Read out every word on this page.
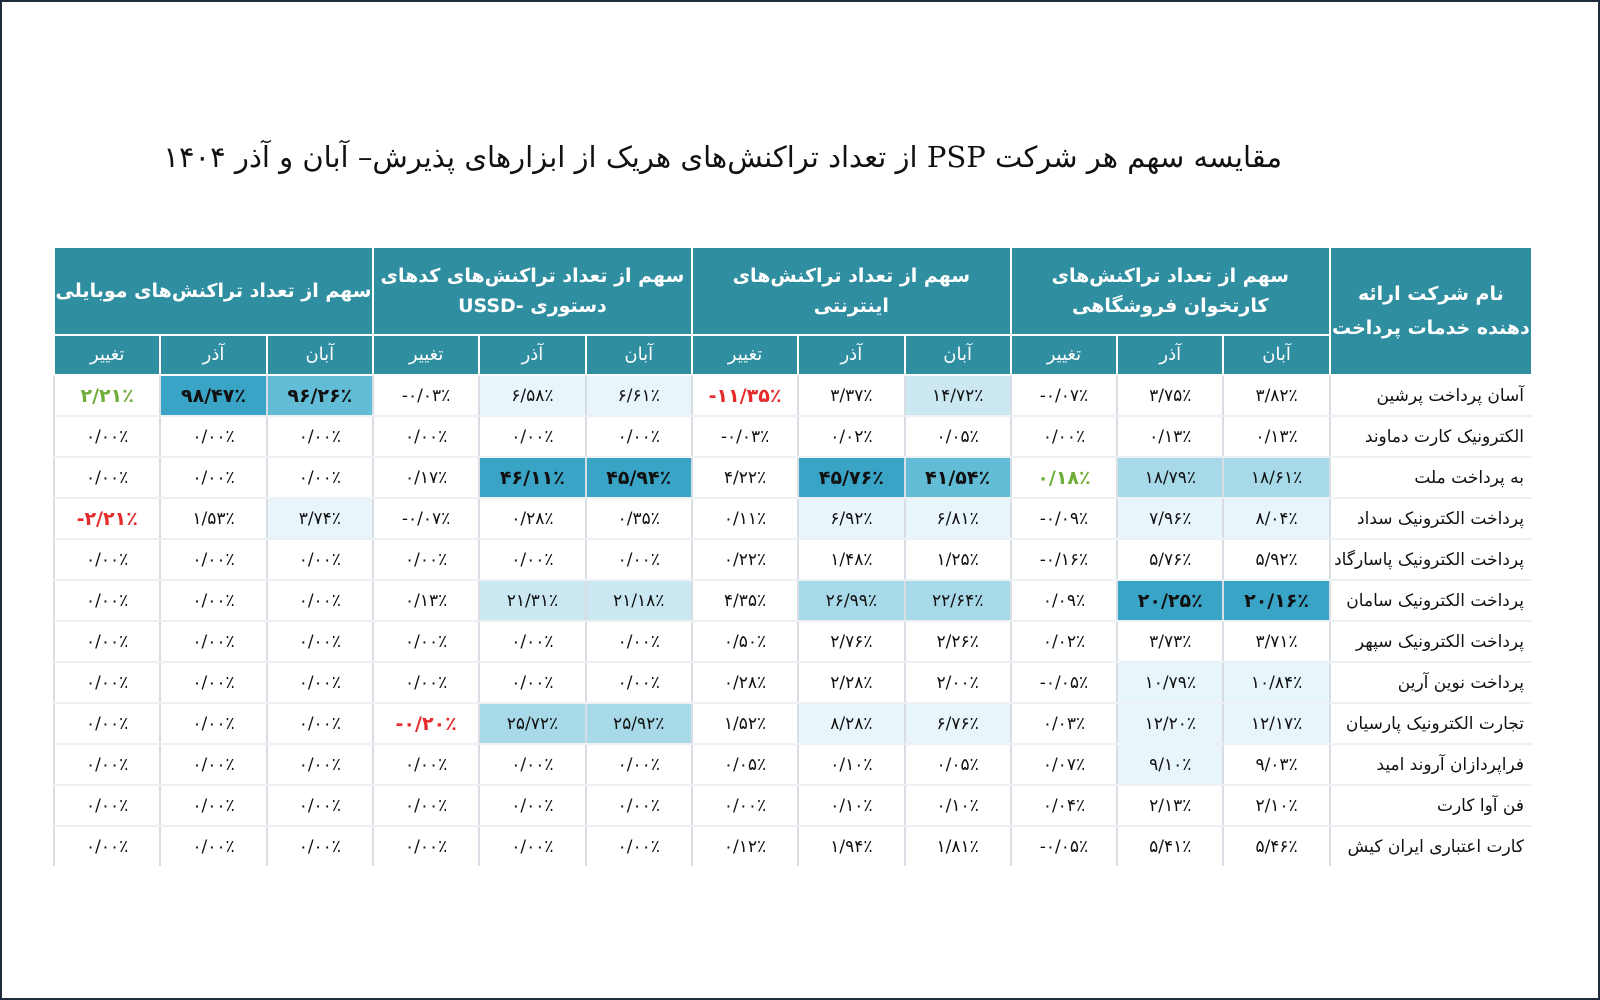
مقایسه سهم هر شرکت PSP از تعداد تراکنش‌های هریک از ابزارهای پذیرش– آبان و آذر ۱۴۰۴
نام شرکت ارائه دهنده خدمات پرداخت	سهم از تعداد تراکنش‌های کارتخوان فروشگاهی			سهم از تعداد تراکنش‌های اینترنتی			سهم از تعداد تراکنش‌های کدهای دستوری -USSD			سهم از تعداد تراکنش‌های موبایلی		
	آبان	آذر	تغییر	آبان	آذر	تغییر	آبان	آذر	تغییر	آبان	آذر	تغییر
آسان پرداخت پرشین	۳/۸۲٪	۳/۷۵٪	-۰/۰۷٪	۱۴/۷۲٪	۳/۳۷٪	-۱۱/۳۵٪	۶/۶۱٪	۶/۵۸٪	-۰/۰۳٪	۹۶/۲۶٪	۹۸/۴۷٪	۲/۲۱٪
الکترونیک کارت دماوند	۰/۱۳٪	۰/۱۳٪	۰/۰۰٪	۰/۰۵٪	۰/۰۲٪	-۰/۰۳٪	۰/۰۰٪	۰/۰۰٪	۰/۰۰٪	۰/۰۰٪	۰/۰۰٪	۰/۰۰٪
به پرداخت ملت	۱۸/۶۱٪	۱۸/۷۹٪	۰/۱۸٪	۴۱/۵۴٪	۴۵/۷۶٪	۴/۲۲٪	۴۵/۹۴٪	۴۶/۱۱٪	۰/۱۷٪	۰/۰۰٪	۰/۰۰٪	۰/۰۰٪
پرداخت الکترونیک سداد	۸/۰۴٪	۷/۹۶٪	-۰/۰۹٪	۶/۸۱٪	۶/۹۲٪	۰/۱۱٪	۰/۳۵٪	۰/۲۸٪	-۰/۰۷٪	۳/۷۴٪	۱/۵۳٪	-۲/۲۱٪
پرداخت الکترونیک پاسارگاد	۵/۹۲٪	۵/۷۶٪	-۰/۱۶٪	۱/۲۵٪	۱/۴۸٪	۰/۲۲٪	۰/۰۰٪	۰/۰۰٪	۰/۰۰٪	۰/۰۰٪	۰/۰۰٪	۰/۰۰٪
پرداخت الکترونیک سامان	۲۰/۱۶٪	۲۰/۲۵٪	۰/۰۹٪	۲۲/۶۴٪	۲۶/۹۹٪	۴/۳۵٪	۲۱/۱۸٪	۲۱/۳۱٪	۰/۱۳٪	۰/۰۰٪	۰/۰۰٪	۰/۰۰٪
پرداخت الکترونیک سپهر	۳/۷۱٪	۳/۷۳٪	۰/۰۲٪	۲/۲۶٪	۲/۷۶٪	۰/۵۰٪	۰/۰۰٪	۰/۰۰٪	۰/۰۰٪	۰/۰۰٪	۰/۰۰٪	۰/۰۰٪
پرداخت نوین آرین	۱۰/۸۴٪	۱۰/۷۹٪	-۰/۰۵٪	۲/۰۰٪	۲/۲۸٪	۰/۲۸٪	۰/۰۰٪	۰/۰۰٪	۰/۰۰٪	۰/۰۰٪	۰/۰۰٪	۰/۰۰٪
تجارت الکترونیک پارسیان	۱۲/۱۷٪	۱۲/۲۰٪	۰/۰۳٪	۶/۷۶٪	۸/۲۸٪	۱/۵۲٪	۲۵/۹۲٪	۲۵/۷۲٪	-۰/۲۰٪	۰/۰۰٪	۰/۰۰٪	۰/۰۰٪
فراپردازان آروند امید	۹/۰۳٪	۹/۱۰٪	۰/۰۷٪	۰/۰۵٪	۰/۱۰٪	۰/۰۵٪	۰/۰۰٪	۰/۰۰٪	۰/۰۰٪	۰/۰۰٪	۰/۰۰٪	۰/۰۰٪
فن آوا کارت	۲/۱۰٪	۲/۱۳٪	۰/۰۴٪	۰/۱۰٪	۰/۱۰٪	۰/۰۰٪	۰/۰۰٪	۰/۰۰٪	۰/۰۰٪	۰/۰۰٪	۰/۰۰٪	۰/۰۰٪
کارت اعتباری ایران کیش	۵/۴۶٪	۵/۴۱٪	-۰/۰۵٪	۱/۸۱٪	۱/۹۴٪	۰/۱۲٪	۰/۰۰٪	۰/۰۰٪	۰/۰۰٪	۰/۰۰٪	۰/۰۰٪	۰/۰۰٪
